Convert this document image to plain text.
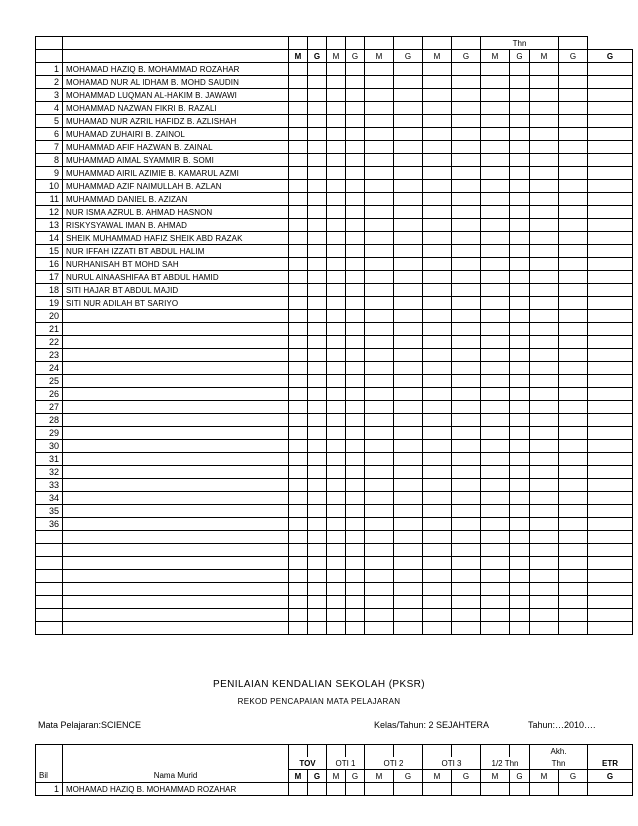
										Thn				
		M	G	M	G	M	G	M	G	M	G	M	G	G
1	MOHAMAD HAZIQ B. MOHAMMAD ROZAHAR													
2	MOHAMAD NUR AL IDHAM B. MOHD SAUDIN													
3	MOHAMMAD LUQMAN AL-HAKIM B. JAWAWI													
4	MOHAMMAD NAZWAN FIKRI B. RAZALI													
5	MUHAMAD NUR AZRIL HAFIDZ B. AZLISHAH													
6	MUHAMAD ZUHAIRI B. ZAINOL													
7	MUHAMMAD AFIF HAZWAN B. ZAINAL													
8	MUHAMMAD AIMAL SYAMMIR B. SOMI													
9	MUHAMMAD AIRIL AZIMIE B. KAMARUL AZMI													
10	MUHAMMAD AZIF NAIMULLAH B. AZLAN													
11	MUHAMMAD DANIEL B. AZIZAN													
12	NUR ISMA AZRUL B. AHMAD HASNON													
13	RISKYSYAWAL IMAN B. AHMAD													
14	SHEIK MUHAMMAD HAFIZ SHEIK ABD RAZAK													
15	NUR IFFAH IZZATI BT ABDUL HALIM													
16	NURHANISAH BT MOHD SAH													
17	NURUL AINAASHIFAA BT ABDUL HAMID													
18	SITI HAJAR BT ABDUL MAJID													
19	SITI NUR ADILAH BT SARIYO													
20														
21														
22														
23														
24														
25														
26														
27														
28														
29														
30														
31														
32														
33														
34														
35														
36														

PENILAIAN KENDALIAN SEKOLAH (PKSR)
REKOD PENCAPAIAN MATA PELAJARAN
Mata Pelajaran:SCIENCE	Kelas/Tahun: 2 SEJAHTERA	Tahun:…2010….
												Akh.		
		TOV		OTI 1		OTI 2		OTI 3		1/2 Thn		Thn		ETR
Bil	Nama Murid	M	G	M	G	M	G	M	G	M	G	M	G	G
1	MOHAMAD HAZIQ B. MOHAMMAD ROZAHAR													
